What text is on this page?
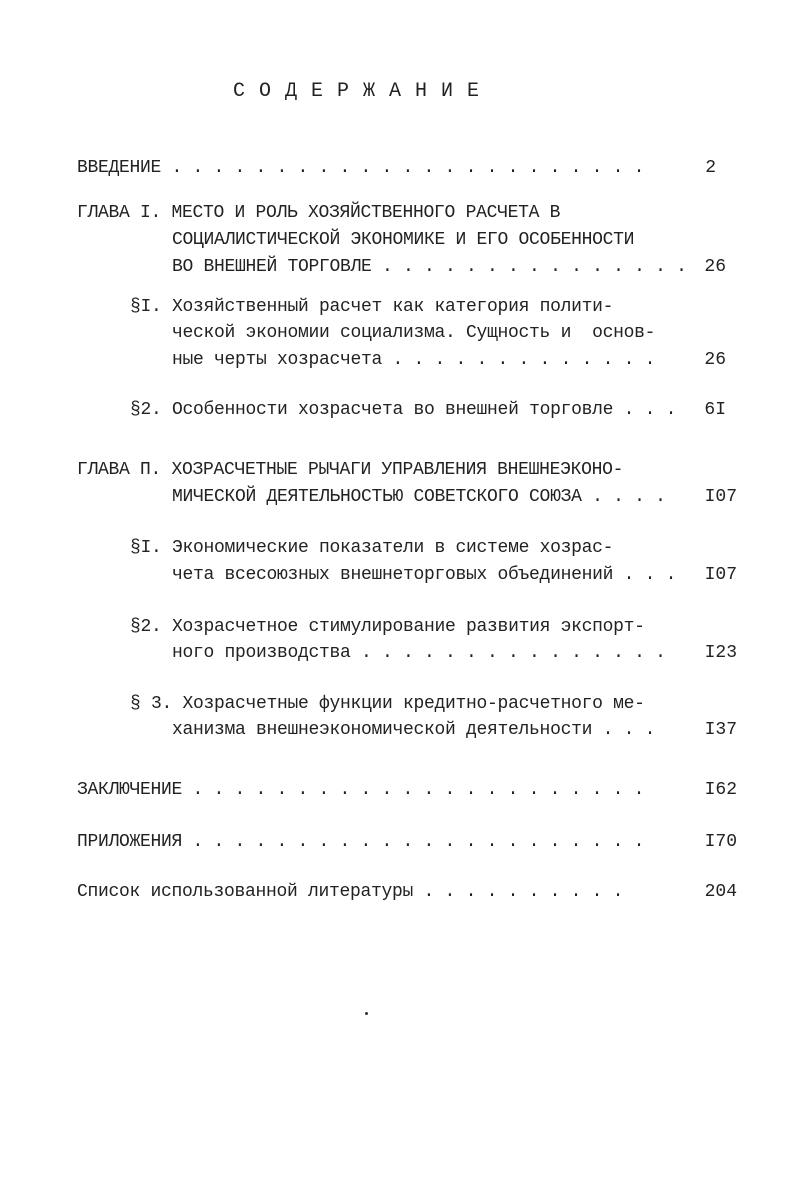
С О Д Е Р Ж А Н И Е
ВВЕДЕНИЕ . . . . . . . . . . . . . . . . . . . . . . .	2
ГЛАВА I. МЕСТО И РОЛЬ ХОЗЯЙСТВЕННОГО РАСЧЕТА В
СОЦИАЛИСТИЧЕСКОЙ ЭКОНОМИКЕ И ЕГО ОСОБЕННОСТИ
ВО ВНЕШНЕЙ ТОРГОВЛЕ . . . . . . . . . . . . . . . 26
§I. Хозяйственный расчет как категория полити-
ческой экономии социализма. Сущность и  основ-
ные черты хозрасчета . . . . . . . . . . . . .	26
§2. Особенности хозрасчета во внешней торговле . . . 6I
ГЛАВА П. ХОЗРАСЧЕТНЫЕ РЫЧАГИ УПРАВЛЕНИЯ ВНЕШНЕЭКОНО-
МИЧЕСКОЙ ДЕЯТЕЛЬНОСТЬЮ СОВЕТСКОГО СОЮЗА . . . . I07
§I. Экономические показатели в системе хозрас-
чета всесоюзных внешнеторговых объединений . . . I07
§2. Хозрасчетное стимулирование развития экспорт-
ного производства . . . . . . . . . . . . . . . I23
§ 3. Хозрасчетные функции кредитно-расчетного ме-
ханизма внешнеэкономической деятельности . . .	I37
ЗАКЛЮЧЕНИЕ . . . . . . . . . . . . . . . . . . . . . .	I62
ПРИЛОЖЕНИЯ . . . . . . . . . . . . . . . . . . . . . .	I70
Список использованной литературы . . . . . . . . . .	204
